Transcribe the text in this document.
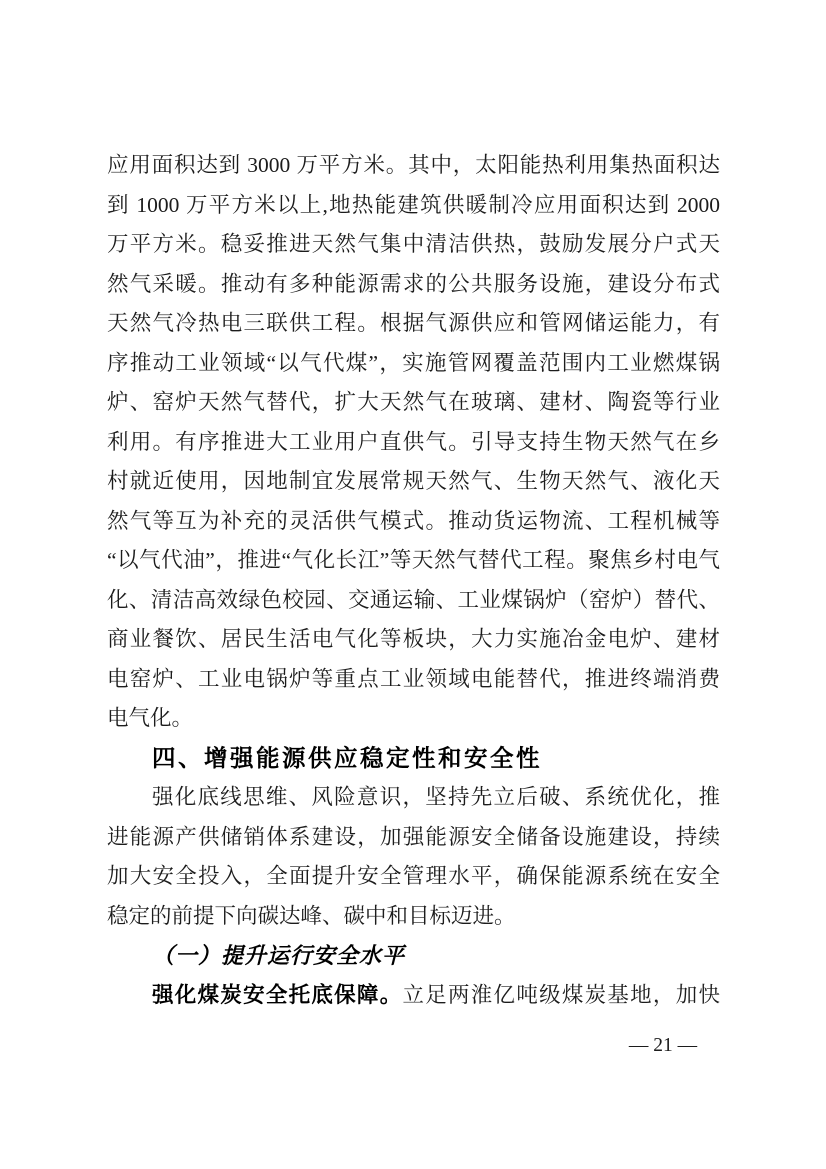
应用面积达到 3000 万平方米。其中，太阳能热利用集热面积达
到 1000 万平方米以上,地热能建筑供暖制冷应用面积达到 2000
万平方米。稳妥推进天然气集中清洁供热，鼓励发展分户式天
然气采暖。推动有多种能源需求的公共服务设施，建设分布式
天然气冷热电三联供工程。根据气源供应和管网储运能力，有
序推动工业领域“以气代煤”，实施管网覆盖范围内工业燃煤锅
炉、窑炉天然气替代，扩大天然气在玻璃、建材、陶瓷等行业
利用。有序推进大工业用户直供气。引导支持生物天然气在乡
村就近使用，因地制宜发展常规天然气、生物天然气、液化天
然气等互为补充的灵活供气模式。推动货运物流、工程机械等
“以气代油”，推进“气化长江”等天然气替代工程。聚焦乡村电气
化、清洁高效绿色校园、交通运输、工业煤锅炉（窑炉）替代、
商业餐饮、居民生活电气化等板块，大力实施冶金电炉、建材
电窑炉、工业电锅炉等重点工业领域电能替代，推进终端消费
电气化。
四、增强能源供应稳定性和安全性
强化底线思维、风险意识，坚持先立后破、系统优化，推
进能源产供储销体系建设，加强能源安全储备设施建设，持续
加大安全投入，全面提升安全管理水平，确保能源系统在安全
稳定的前提下向碳达峰、碳中和目标迈进。
（一）提升运行安全水平
强化煤炭安全托底保障。立足两淮亿吨级煤炭基地，加快
— 21 —
